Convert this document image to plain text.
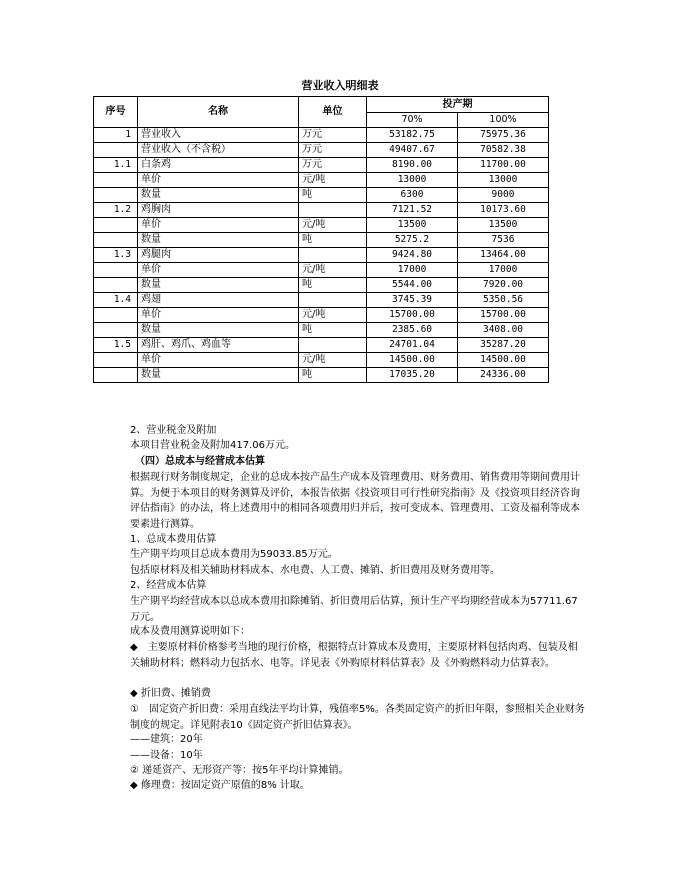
营业收入明细表
序号	名称	单位	投产期	
			70%	100%
1	营业收入	万元	53182.75	75975.36
	营业收入（不含税）	万元	49407.67	70582.38
1.1	白条鸡	万元	8190.00	11700.00
	单价	元/吨	13000	13000
	数量	吨	6300	9000
1.2	鸡胸肉		7121.52	10173.60
	单价	元/吨	13500	13500
	数量	吨	5275.2	7536
1.3	鸡腿肉		9424.80	13464.00
	单价	元/吨	17000	17000
	数量	吨	5544.00	7920.00
1.4	鸡翅		3745.39	5350.56
	单价	元/吨	15700.00	15700.00
	数量	吨	2385.60	3408.00
1.5	鸡肝、鸡爪、鸡血等		24701.04	35287.20
	单价	元/吨	14500.00	14500.00
	数量	吨	17035.20	24336.00
2、营业税金及附加
本项目营业税金及附加417.06万元。
（四）总成本与经营成本估算
根据现行财务制度规定，企业的总成本按产品生产成本及管理费用、财务费用、销售费用等期间费用计算。为便于本项目的财务测算及评价，本报告依据《投资项目可行性研究指南》及《投资项目经济咨询评估指南》的办法，将上述费用中的相同各项费用归并后，按可变成本、管理费用、工资及福利等成本要素进行测算。
1、总成本费用估算
生产期平均项目总成本费用为59033.85万元。
包括原材料及相关辅助材料成本、水电费、人工费、摊销、折旧费用及财务费用等。
2、经营成本估算
生产期平均经营成本以总成本费用扣除摊销、折旧费用后估算，预计生产平均期经营成本为57711.67万元。
成本及费用测算说明如下：
◆　主要原材料价格参考当地的现行价格，根据特点计算成本及费用，主要原材料包括肉鸡、包装及相关辅助材料；燃料动力包括水、电等。详见表《外购原材料估算表》及《外购燃料动力估算表》。
◆ 折旧费、摊销费
①　固定资产折旧费：采用直线法平均计算，残值率5%。各类固定资产的折旧年限，参照相关企业财务制度的规定。详见附表10《固定资产折旧估算表》。
——建筑：20年
——设备：10年
② 递延资产、无形资产等：按5年平均计算摊销。
◆ 修理费：按固定资产原值的8% 计取。
